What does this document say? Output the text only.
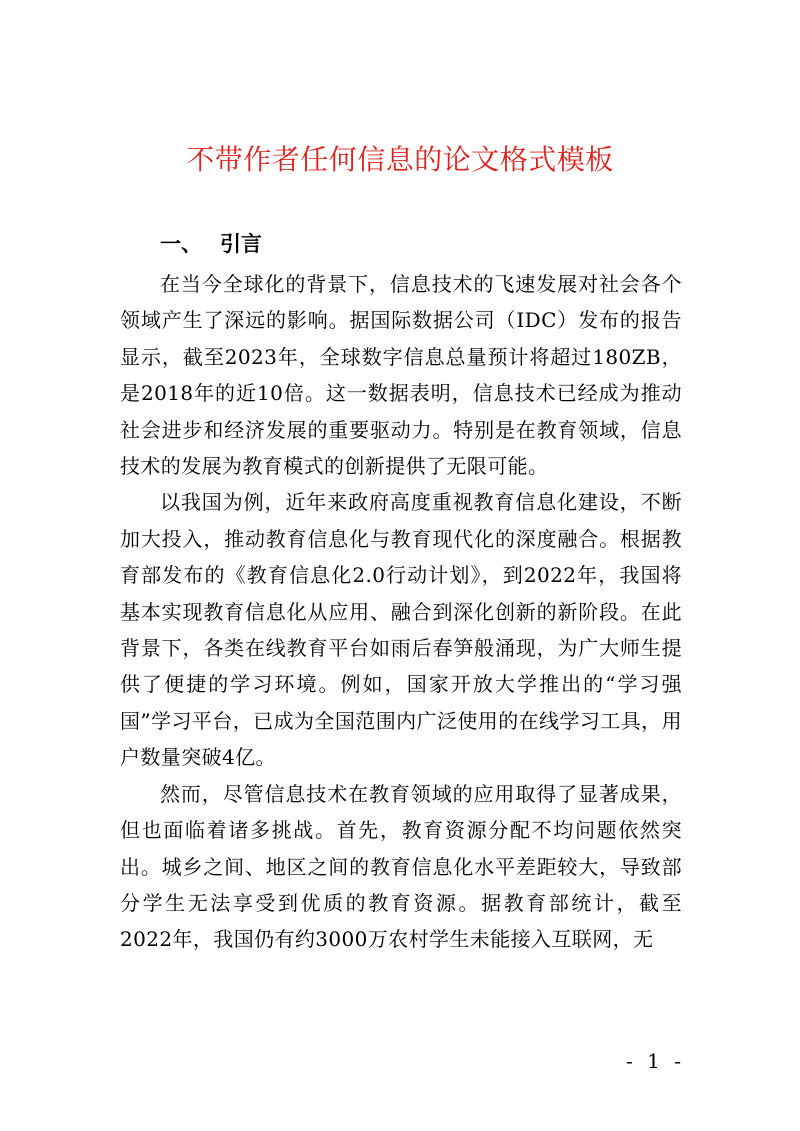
不带作者任何信息的论文格式模板
一、 引言

在当今全球化的背景下，信息技术的飞速发展对社会各个领域产生了深远的影响。据国际数据公司（IDC）发布的报告显示，截至2023年，全球数字信息总量预计将超过180ZB，是2018年的近10倍。这一数据表明，信息技术已经成为推动社会进步和经济发展的重要驱动力。特别是在教育领域，信息技术的发展为教育模式的创新提供了无限可能。

以我国为例，近年来政府高度重视教育信息化建设，不断加大投入，推动教育信息化与教育现代化的深度融合。根据教育部发布的《教育信息化2.0行动计划》，到2022年，我国将基本实现教育信息化从应用、融合到深化创新的新阶段。在此背景下，各类在线教育平台如雨后春笋般涌现，为广大师生提供了便捷的学习环境。例如，国家开放大学推出的“学习强国”学习平台，已成为全国范围内广泛使用的在线学习工具，用户数量突破4亿。

然而，尽管信息技术在教育领域的应用取得了显著成果，但也面临着诸多挑战。首先，教育资源分配不均问题依然突出。城乡之间、地区之间的教育信息化水平差距较大，导致部分学生无法享受到优质的教育资源。据教育部统计，截至2022年，我国仍有约3000万农村学生未能接入互联网，无

- 1 -
